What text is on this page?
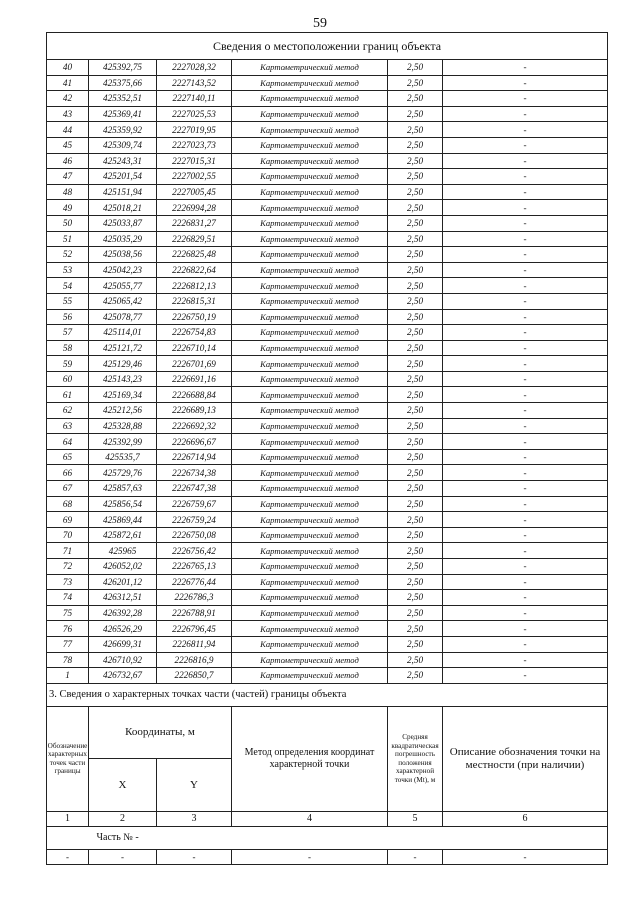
59
Сведения о местоположении границ объекта					
40	425392,75	2227028,32	Картометрический метод	2,50	-
41	425375,66	2227143,52	Картометрический метод	2,50	-
42	425352,51	2227140,11	Картометрический метод	2,50	-
43	425369,41	2227025,53	Картометрический метод	2,50	-
44	425359,92	2227019,95	Картометрический метод	2,50	-
45	425309,74	2227023,73	Картометрический метод	2,50	-
46	425243,31	2227015,31	Картометрический метод	2,50	-
47	425201,54	2227002,55	Картометрический метод	2,50	-
48	425151,94	2227005,45	Картометрический метод	2,50	-
49	425018,21	2226994,28	Картометрический метод	2,50	-
50	425033,87	2226831,27	Картометрический метод	2,50	-
51	425035,29	2226829,51	Картометрический метод	2,50	-
52	425038,56	2226825,48	Картометрический метод	2,50	-
53	425042,23	2226822,64	Картометрический метод	2,50	-
54	425055,77	2226812,13	Картометрический метод	2,50	-
55	425065,42	2226815,31	Картометрический метод	2,50	-
56	425078,77	2226750,19	Картометрический метод	2,50	-
57	425114,01	2226754,83	Картометрический метод	2,50	-
58	425121,72	2226710,14	Картометрический метод	2,50	-
59	425129,46	2226701,69	Картометрический метод	2,50	-
60	425143,23	2226691,16	Картометрический метод	2,50	-
61	425169,34	2226688,84	Картометрический метод	2,50	-
62	425212,56	2226689,13	Картометрический метод	2,50	-
63	425328,88	2226692,32	Картометрический метод	2,50	-
64	425392,99	2226696,67	Картометрический метод	2,50	-
65	425535,7	2226714,94	Картометрический метод	2,50	-
66	425729,76	2226734,38	Картометрический метод	2,50	-
67	425857,63	2226747,38	Картометрический метод	2,50	-
68	425856,54	2226759,67	Картометрический метод	2,50	-
69	425869,44	2226759,24	Картометрический метод	2,50	-
70	425872,61	2226750,08	Картометрический метод	2,50	-
71	425965	2226756,42	Картометрический метод	2,50	-
72	426052,02	2226765,13	Картометрический метод	2,50	-
73	426201,12	2226776,44	Картометрический метод	2,50	-
74	426312,51	2226786,3	Картометрический метод	2,50	-
75	426392,28	2226788,91	Картометрический метод	2,50	-
76	426526,29	2226796,45	Картометрический метод	2,50	-
77	426699,31	2226811,94	Картометрический метод	2,50	-
78	426710,92	2226816,9	Картометрический метод	2,50	-
1	426732,67	2226850,7	Картометрический метод	2,50	-
3. Сведения о характерных точках части (частей) границы объекта					

Обозначение характерных точек части границы	Координаты, м		Метод определения координат характерной точки	Средняя квадратическая погрешность положения характерной точки (Мt), м	Описание обозначения точки на местности (при наличии)

	X	Y			

1	2	3	4	5	6
	Часть № -				
-	-	-	-	-	-
